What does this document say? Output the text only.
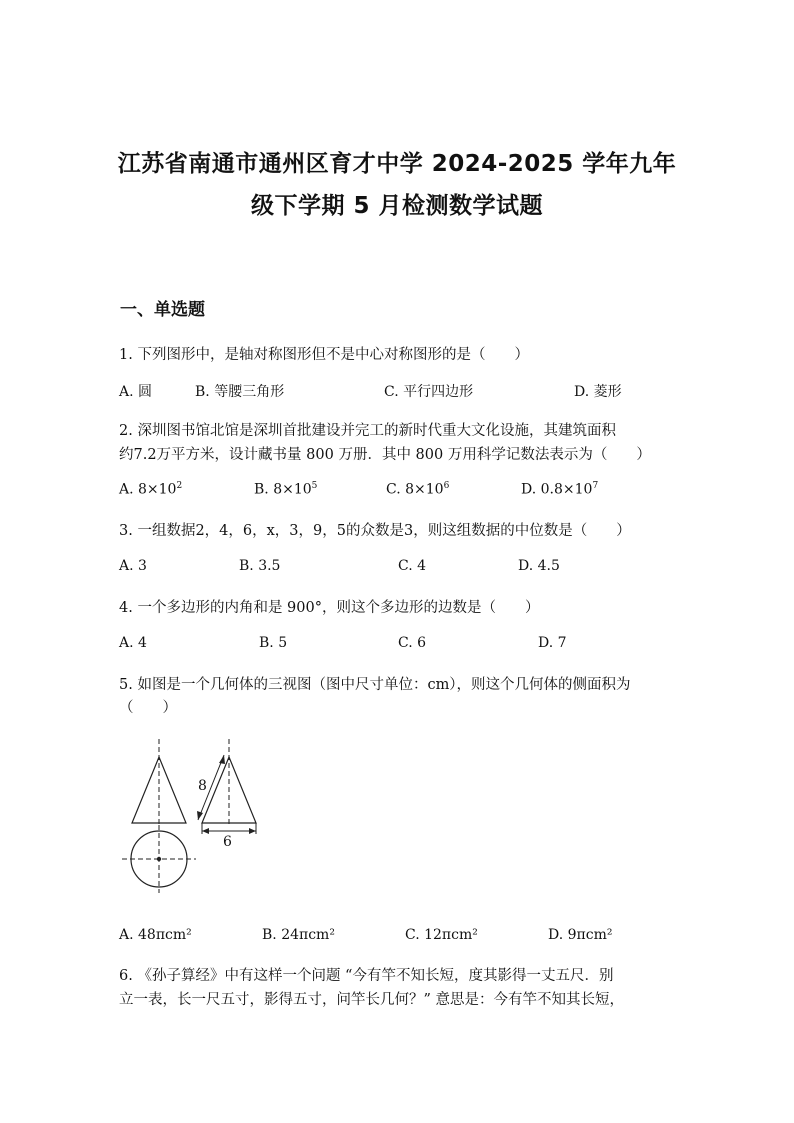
江苏省南通市通州区育才中学 2024-2025 学年九年
级下学期 5 月检测数学试题
一、单选题
1. 下列图形中，是轴对称图形但不是中心对称图形的是（　　）
A. 圆	B. 等腰三角形	C. 平行四边形	D. 菱形
2. 深圳图书馆北馆是深圳首批建设并完工的新时代重大文化设施，其建筑面积
约7.2万平方米，设计藏书量 800 万册．其中 800 万用科学记数法表示为（　　）
A. $8\times 10^2$	B. $8\times 10^5$	C. $8\times 10^6$	D. $0.8\times 10^7$
3. 一组数据2，4，6，x，3，9，5的众数是3，则这组数据的中位数是（　　）
A. 3	B. 3.5	C. 4	D. 4.5
4. 一个多边形的内角和是 900°，则这个多边形的边数是（　　）
A. 4	B. 5	C. 6	D. 7
5. 如图是一个几何体的三视图（图中尺寸单位：cm），则这个几何体的侧面积为
（　　）
8
6
A. 48πcm²	B. 24πcm²	C. 12πcm²	D. 9πcm²
6. 《孙子算经》中有这样一个问题 “今有竿不知长短，度其影得一丈五尺．别
立一表，长一尺五寸，影得五寸，问竿长几何？” 意思是：今有竿不知其长短，
